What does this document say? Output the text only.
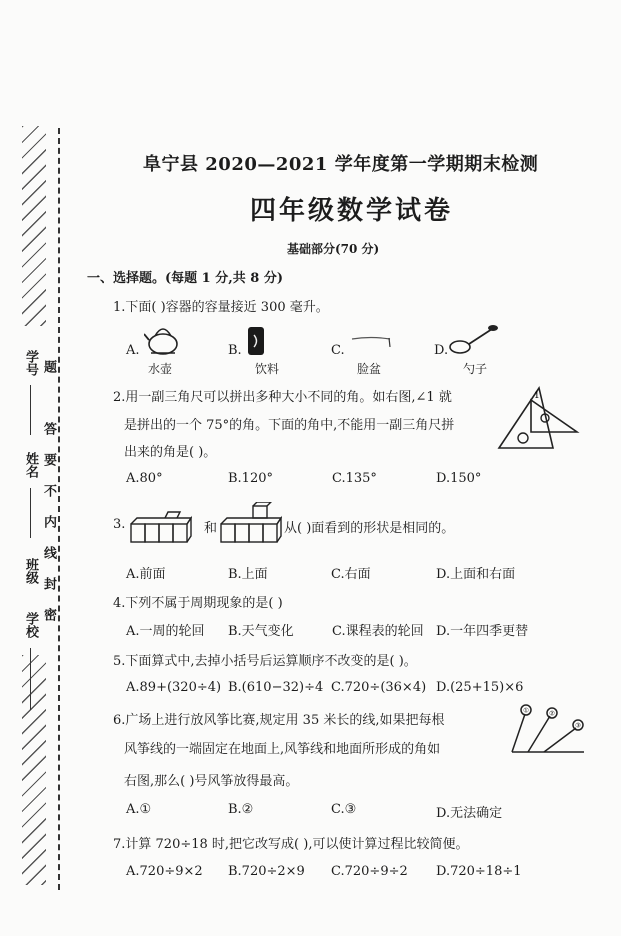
学号 题
姓名 答要不内线封密
班级
学校
阜宁县 2020—2021 学年度第一学期期末检测
四年级数学试卷
基础部分(70 分)
一、选择题。(每题 1 分,共 8 分)
1.下面( )容器的容量接近 300 毫升。
A.
水壶
B.
饮料
C.
脸盆
D.
勺子
2.用一副三角尺可以拼出多种大小不同的角。如右图,∠1 就
是拼出的一个 75°的角。下面的角中,不能用一副三角尺拼
出来的角是( )。
1
A.80°	B.120°	C.135°	D.150°
3.	和	从( )面看到的形状是相同的。
A.前面	B.上面	C.右面	D.上面和右面
4.下列不属于周期现象的是( )
A.一周的轮回 B.天气变化	C.课程表的轮回 D.一年四季更替
5.下面算式中,去掉小括号后运算顺序不改变的是( )。
A.89+(320÷4) B.(610−32)÷4 C.720÷(36×4) D.(25+15)×6
6.广场上进行放风筝比赛,规定用 35 米长的线,如果把每根
风筝线的一端固定在地面上,风筝线和地面所形成的角如
右图,那么( )号风筝放得最高。
①	②
③
A.①	B.②	C.③	D.无法确定
7.计算 720÷18 时,把它改写成( ),可以使计算过程比较简便。
A.720÷9×2 B.720÷2×9 C.720÷9÷2 D.720÷18÷1
